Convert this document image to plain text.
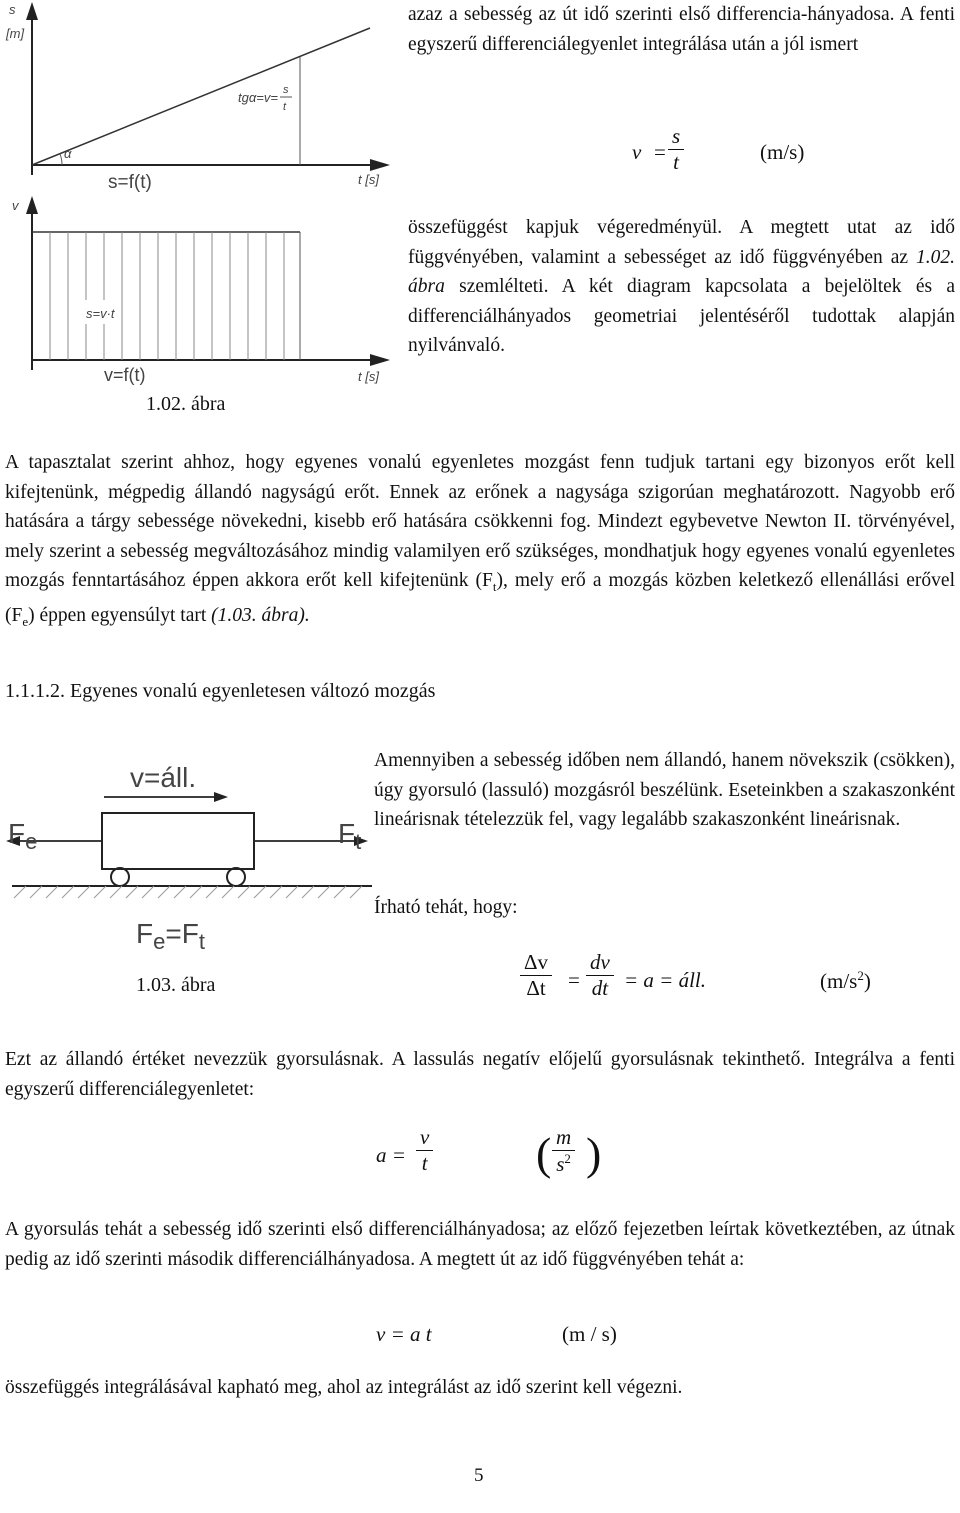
s
[m]
tgα=v= s
t
α
s=f(t)	t [s]
v
s=v·t
v=f(t)	t [s]
1.02. ábra

azaz a sebesség az út idő szerinti első differencia-hányadosa. A fenti egyszerű differenciálegyenlet integrálása után a jól ismert

$v = \frac{s}{t}$	(m/s)

összefüggést kapjuk végeredményül. A megtett utat az idő függvényében, valamint a sebességet az idő függvényében az 1.02. ábra szemlélteti. A két diagram kapcsolata a bejelöltek és a differenciálhányados geometriai jelentéséről tudottak alapján nyilvánvaló.

A tapasztalat szerint ahhoz, hogy egyenes vonalú egyenletes mozgást fenn tudjuk tartani egy bizonyos erőt kell kifejtenünk, mégpedig állandó nagyságú erőt. Ennek az erőnek a nagysága szigorúan meghatározott. Nagyobb erő hatására a tárgy sebessége növekedni, kisebb erő hatására csökkenni fog. Mindezt egybevetve Newton II. törvényével, mely szerint a sebesség megváltozásához mindig valamilyen erő szükséges, mondhatjuk hogy egyenes vonalú egyenletes mozgás fenntartásához éppen akkora erőt kell kifejtenünk $(F_t)$, mely erő a mozgás közben keletkező ellenállási erővel $(F_e)$ éppen egyensúlyt tart (1.03. ábra).

1.1.1.2. Egyenes vonalú egyenletesen változó mozgás
v=áll.
$F_e$	$F_t$
$F_e=F_t$
1.03. ábra

Amennyiben a sebesség időben nem állandó, hanem növekszik (csökken), úgy gyorsuló (lassuló) mozgásról beszélünk. Eseteinkben a szakaszonként lineárisnak tételezzük fel, vagy legalább szakaszonként lineárisnak.

Írható tehát, hogy:

$\frac{\Delta v}{\Delta t} = \frac{dv}{dt} = a$ = áll.	$(m/s^2)$

Ezt az állandó értéket nevezzük gyorsulásnak. A lassulás negatív előjelű gyorsulásnak tekinthető. Integrálva a fenti egyszerű differenciálegyenletet:

$a = \frac{v}{t}$ ( $\frac{m}{s^2}$ )

A gyorsulás tehát a sebesség idő szerinti első differenciálhányadosa; az előző fejezetben leírtak következtében, az útnak pedig az idő szerinti második differenciálhányadosa. A megtett út az idő függvényében tehát a:

v = a t	(m / s)

összefüggés integrálásával kapható meg, ahol az integrálást az idő szerint kell végezni.

5
